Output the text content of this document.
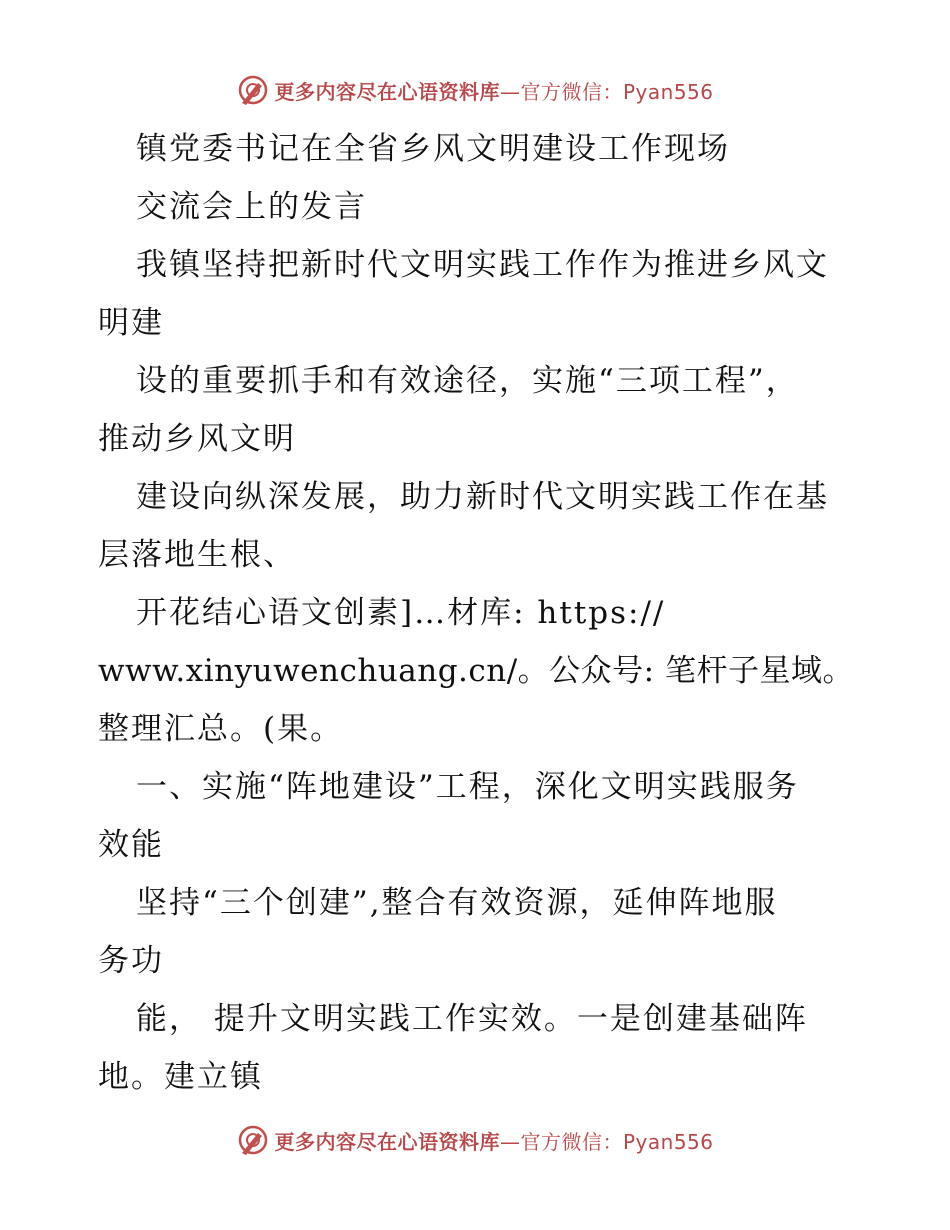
更多内容尽在心语资料库—官方微信：Pyan556
镇党委书记在全省乡风文明建设工作现场
交流会上的发言
我镇坚持把新时代文明实践工作作为推进乡风文
明建
设的重要抓手和有效途径，实施“三项工程”，
推动乡风文明
建设向纵深发展，助力新时代文明实践工作在基
层落地生根、
开花结心语文创素]…材库: https://
www.xinyuwenchuang.cn/。公众号: 笔杆子星域。
整理汇总。(果。
一、实施“阵地建设”工程，深化文明实践服务
效能
坚持“三个创建”,整合有效资源，延伸阵地服
务功
能， 提升文明实践工作实效。一是创建基础阵
地。建立镇
更多内容尽在心语资料库—官方微信：Pyan556
